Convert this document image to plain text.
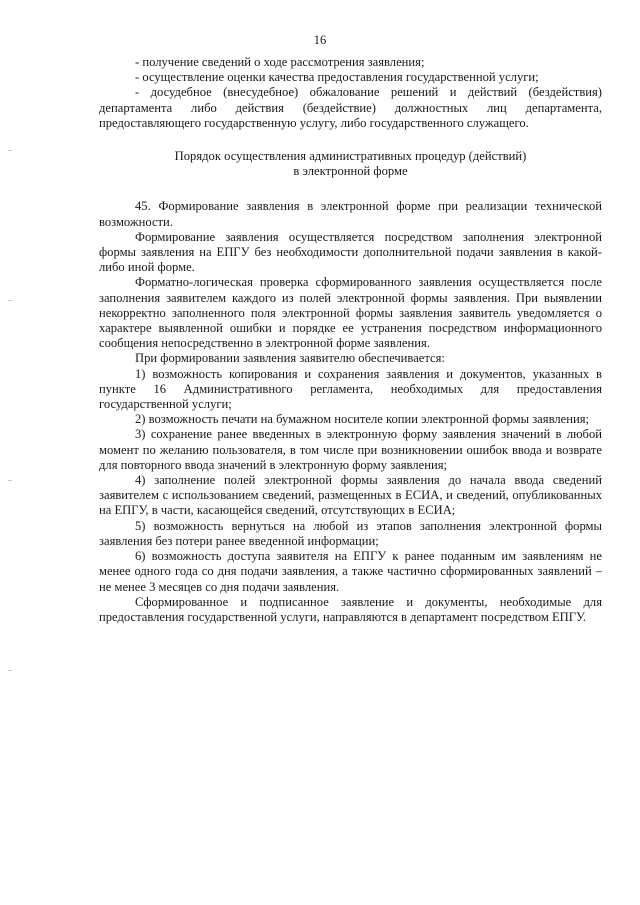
16

- получение сведений о ходе рассмотрения заявления;

- осуществление оценки качества предоставления государственной услуги;

- досудебное (внесудебное) обжалование решений и действий (бездействия) департамента либо действия (бездействие) должностных лиц департамента, предоставляющего государственную услугу, либо государственного служащего.

Порядок осуществления административных процедур (действий)
в электронной форме

45. Формирование заявления в электронной форме при реализации технической возможности.

Формирование заявления осуществляется посредством заполнения электронной формы заявления на ЕПГУ без необходимости дополнительной подачи заявления в какой-либо иной форме.

Форматно-логическая проверка сформированного заявления осуществляется после заполнения заявителем каждого из полей электронной формы заявления. При выявлении некорректно заполненного поля электронной формы заявления заявитель уведомляется о характере выявленной ошибки и порядке ее устранения посредством информационного сообщения непосредственно в электронной форме заявления.

При формировании заявления заявителю обеспечивается:

1) возможность копирования и сохранения заявления и документов, указанных в пункте 16 Административного регламента, необходимых для предоставления государственной услуги;

2) возможность печати на бумажном носителе копии электронной формы заявления;

3) сохранение ранее введенных в электронную форму заявления значений в любой момент по желанию пользователя, в том числе при возникновении ошибок ввода и возврате для повторного ввода значений в электронную форму заявления;

4) заполнение полей электронной формы заявления до начала ввода сведений заявителем с использованием сведений, размещенных в ЕСИА, и сведений, опубликованных на ЕПГУ, в части, касающейся сведений, отсутствующих в ЕСИА;

5) возможность вернуться на любой из этапов заполнения электронной формы заявления без потери ранее введенной информации;

6) возможность доступа заявителя на ЕПГУ к ранее поданным им заявлениям не менее одного года со дня подачи заявления, а также частично сформированных заявлений – не менее 3 месяцев со дня подачи заявления.

Сформированное и подписанное заявление и документы, необходимые для предоставления государственной услуги, направляются в департамент посредством ЕПГУ.
